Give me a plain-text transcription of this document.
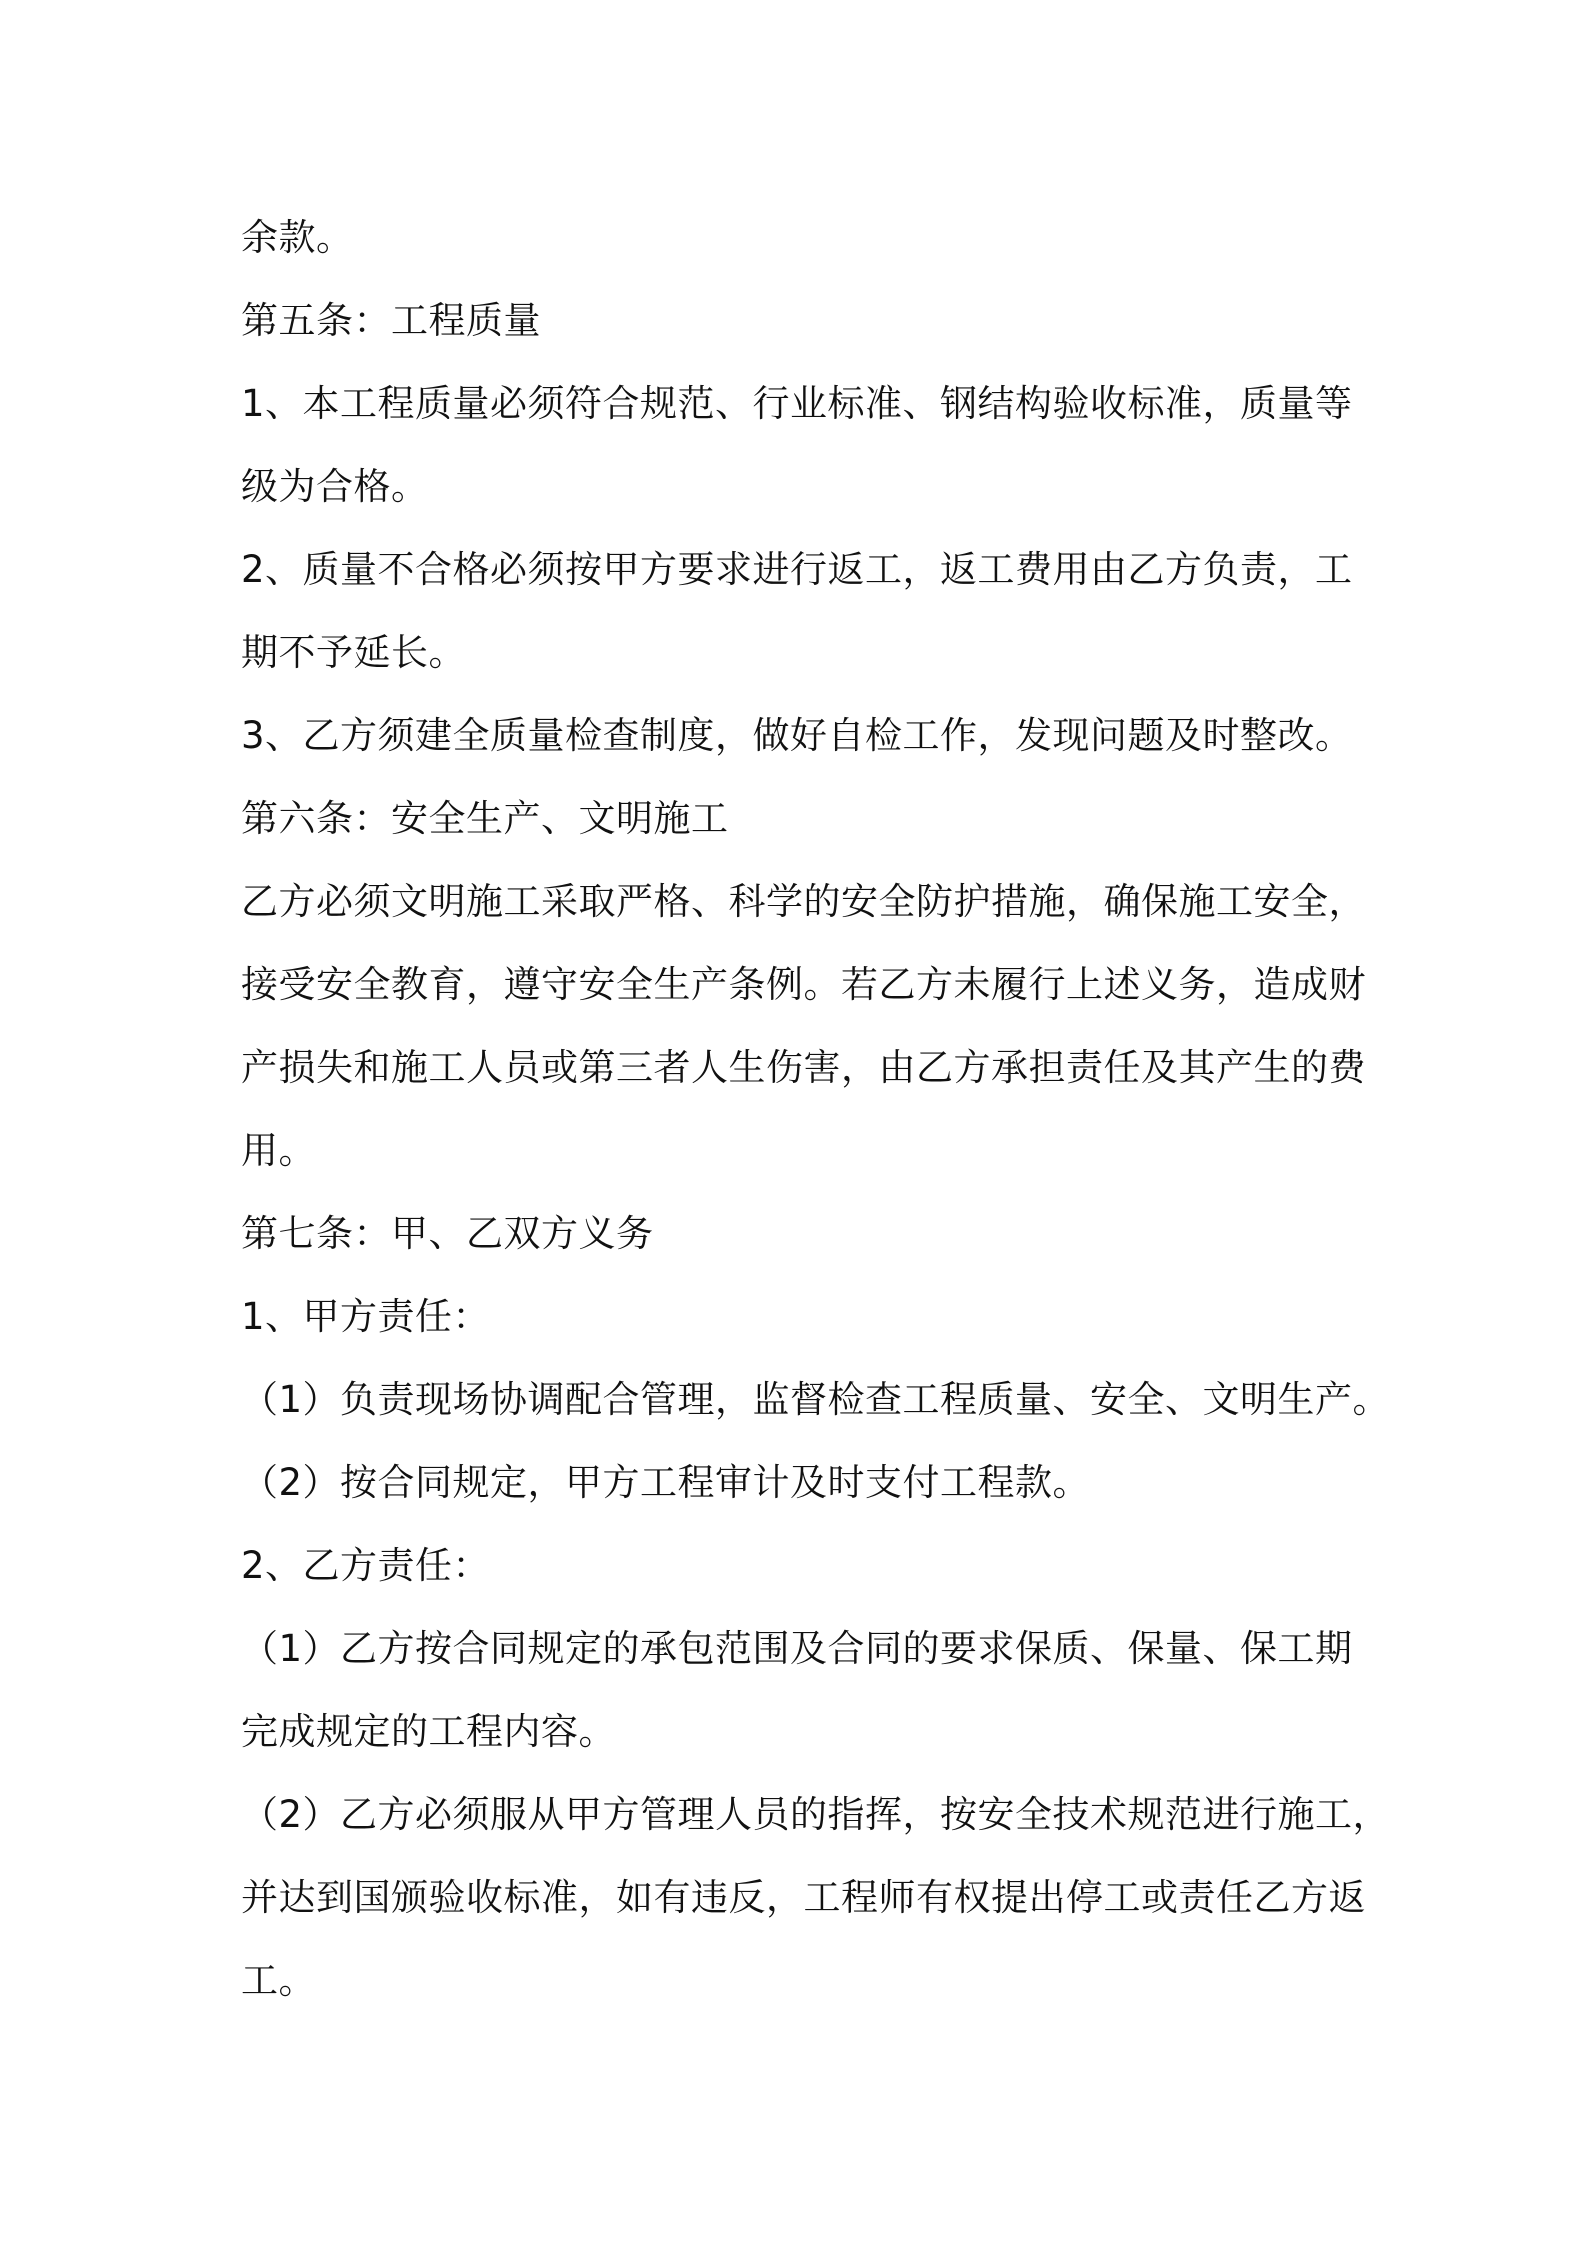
余款。
第五条：工程质量
1、本工程质量必须符合规范、行业标准、钢结构验收标准，质量等
级为合格。
2、质量不合格必须按甲方要求进行返工，返工费用由乙方负责，工
期不予延长。
3、乙方须建全质量检查制度，做好自检工作，发现问题及时整改。
第六条：安全生产、文明施工
乙方必须文明施工采取严格、科学的安全防护措施，确保施工安全，
接受安全教育，遵守安全生产条例。若乙方未履行上述义务，造成财
产损失和施工人员或第三者人生伤害，由乙方承担责任及其产生的费
用。
第七条：甲、乙双方义务
1、甲方责任：
（1）负责现场协调配合管理，监督检查工程质量、安全、文明生产。
（2）按合同规定，甲方工程审计及时支付工程款。
2、乙方责任：
（1）乙方按合同规定的承包范围及合同的要求保质、保量、保工期
完成规定的工程内容。
（2）乙方必须服从甲方管理人员的指挥，按安全技术规范进行施工，
并达到国颁验收标准，如有违反，工程师有权提出停工或责任乙方返
工。
